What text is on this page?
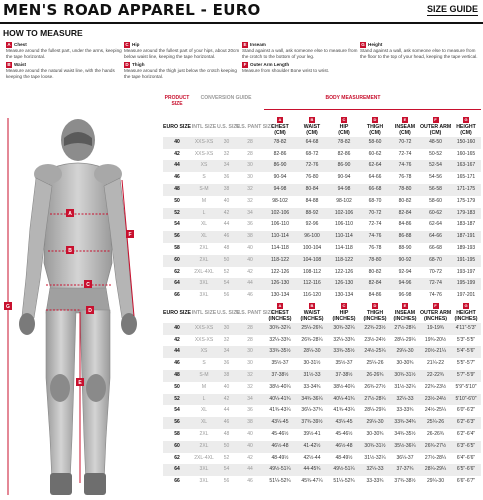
MEN'S ROAD APPAREL - EURO	SIZE GUIDE
HOW TO MEASURE
A Chest
Measure around the fullest part, under the arms, keeping the tape horizontal.
B Waist
Measure around the natural waist line, with the hands keeping the tape loose.
C Hip
Measure around the fullest part of your hips, about 20cm below waist line, keeping the tape horizontal.
D Thigh
Measure around the thigh just below the crotch keeping the tape horizontal.
E Inseam
Stand against a wall, ask someone else to measure from the crotch to the bottom of your leg.
F Outer Arm Length
Measure from shoulder Bone wrist to wrist.
G Height
Stand against a wall, ask someone else to measure from the floor to the top of your head, keeping the tape vertical.
A
B
C
D
E
F
G
PRODUCT SIZE
CONVERSION GUIDE	BODY MEASUREMENT
EURO SIZE	INTL SIZE	U.S. SIZE	U.S. PANT SIZE	A
CHEST
(CM)	B
WAIST
(CM)	C
HIP
(CM)	D
THIGH
(CM)	E
INSEAM
(CM)	F
OUTER ARM
(CM)	G
HEIGHT
(CM)
40	XXS-XS	30	28	78-82	64-68	78-82	58-60	70-72	48-50	150-160
42	XXS-XS	32	28	82-86	68-72	82-86	60-62	72-74	50-52	160-165
44	XS	34	30	86-90	72-76	86-90	62-64	74-76	52-54	163-167
46	S	36	30	90-94	76-80	90-94	64-66	76-78	54-56	165-171
48	S-M	38	32	94-98	80-84	94-98	66-68	78-80	56-58	171-175
50	M	40	32	98-102	84-88	98-102	68-70	80-82	58-60	175-179
52	L	42	34	102-106	88-92	102-106	70-72	82-84	60-62	179-183
54	XL	44	36	106-110	92-96	106-110	72-74	84-86	62-64	183-187
56	XL	46	38	110-114	96-100	110-114	74-76	86-88	64-66	187-191
58	2XL	48	40	114-118	100-104	114-118	76-78	88-90	66-68	189-193
60	2XL	50	40	118-122	104-108	118-122	78-80	90-92	68-70	191-195
62	2XL-4XL	52	42	122-126	108-112	122-126	80-82	92-94	70-72	193-197
64	3XL	54	44	126-130	112-116	126-130	82-84	94-96	72-74	195-199
66	3XL	56	46	130-134	116-120	130-134	84-86	96-98	74-76	197-201
EURO SIZE	INTL SIZE	U.S. SIZE	U.S. PANT SIZE	A
CHEST
(INCHES)	B
WAIST
(INCHES)	C
HIP
(INCHES)	D
THIGH
(INCHES)	E
INSEAM
(INCHES)	F
OUTER ARM
(INCHES)	G
HEIGHT
(INCHES)
40	XXS-XS	30	28	30¾-32¼	25¼-26¾	30¾-32¼	22¾-23½	27½-28¼	19-19¾	4'11"-5'3"
42	XXS-XS	32	28	32¼-33¾	26¾-28¼	32¼-33¾	23½-24½	28¼-29¼	19¾-20½	5'3"-5'5"
44	XS	34	30	33¾-35½	28¼-30	33¾-35½	24½-25¼	29¼-30	20½-21¼	5'4"-5'6"
46	S	36	30	35½-37	30-31½	35½-37	25¼-26	30-30¾	21¼-22	5'5"-5'7"
48	S-M	38	32	37-38½	31½-33	37-38½	26-26¾	30¾-31½	22-22¾	5'7"-5'9"
50	M	40	32	38½-40¼	33-34¾	38½-40¼	26¾-27½	31½-32¼	22¾-23½	5'9"-5'10"
52	L	42	34	40¼-41¾	34¾-36¼	40¼-41¾	27½-28¼	32¼-33	23½-24½	5'10"-6'0"
54	XL	44	36	41¾-43¼	36¼-37¾	41¾-43¼	28¼-29¼	33-33¾	24½-25¼	6'0"-6'2"
56	XL	46	38	43¼-45	37¾-39½	43¼-45	29¼-30	33¾-34¾	25¼-26	6'2"-6'3"
58	2XL	48	40	45-46½	39½-41	45-46½	30-30¾	34¾-35½	26-26¾	6'2"-6'4"
60	2XL	50	40	46½-48	41-42½	46½-48	30¾-31½	35½-36¼	26¾-27½	6'3"-6'5"
62	2XL-4XL	52	42	48-49½	42½-44	48-49½	31½-32¼	36¼-37	27½-28¼	6'4"-6'6"
64	3XL	54	44	49½-51¼	44-45¾	49½-51¼	32¼-33	37-37¾	28¼-29¼	6'5"-6'6"
66	3XL	56	46	51¼-52¾	45¾-47¼	51¼-52¾	33-33¾	37¾-38½	29¼-30	6'6"-6'7"
